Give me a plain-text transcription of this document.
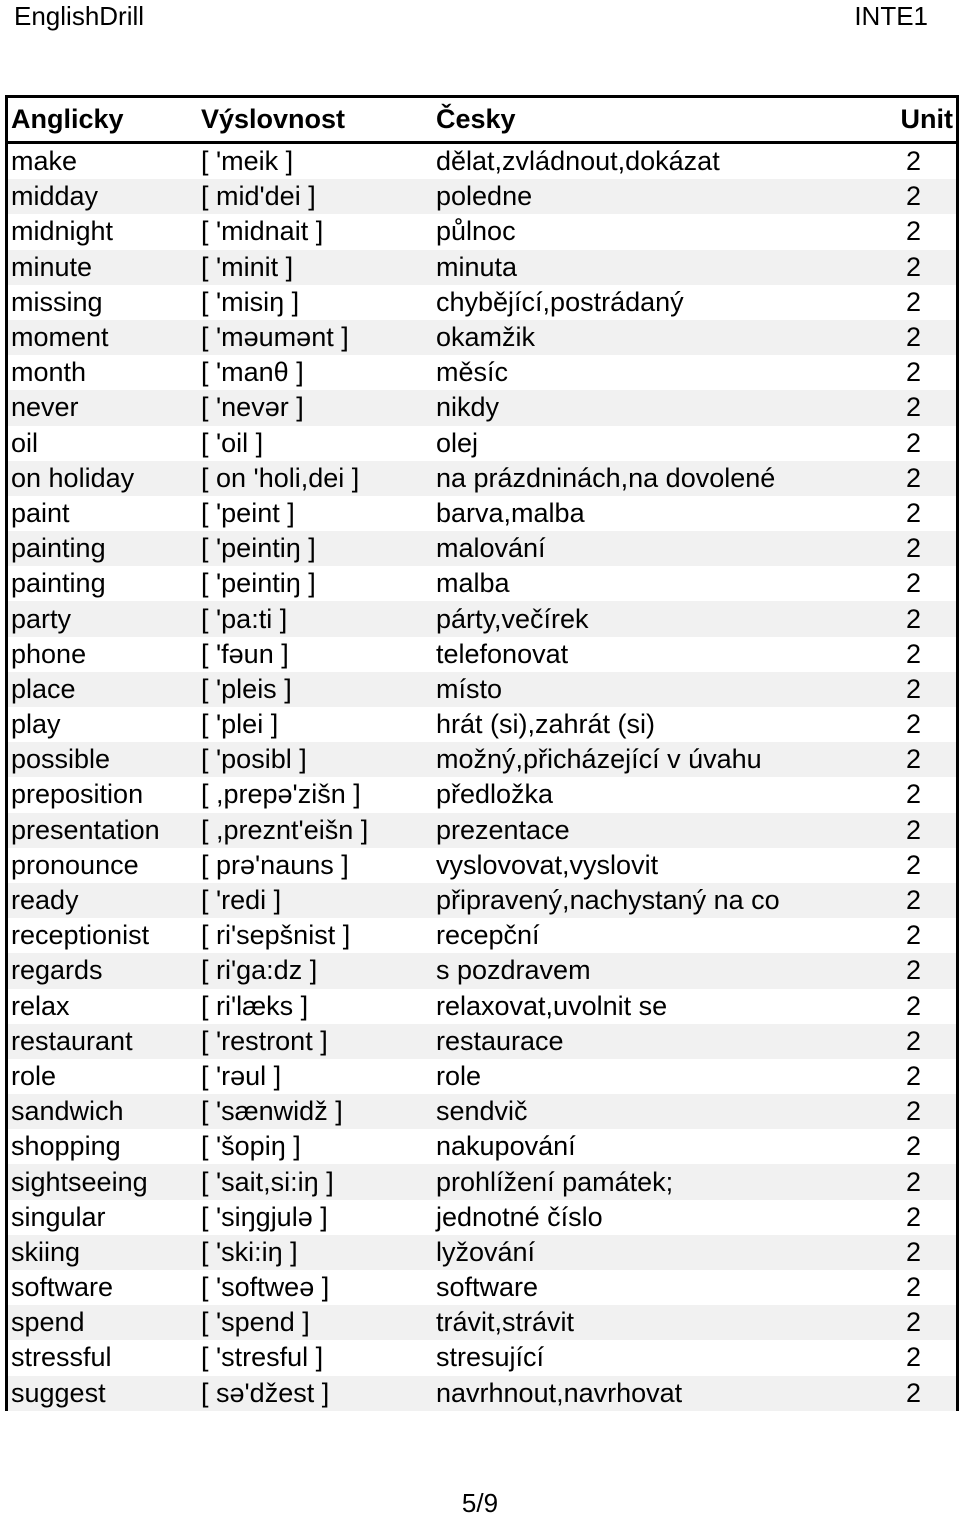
EnglishDrill	INTE1
Anglicky	Výslovnost	Česky	Unit
make	[ 'meik ]	dělat,zvládnout,dokázat	2
midday	[ mid'dei ]	poledne	2
midnight	[ 'midnait ]	půlnoc	2
minute	[ 'minit ]	minuta	2
missing	[ 'misiŋ ]	chybějící,postrádaný	2
moment	[ 'məumənt ]	okamžik	2
month	[ 'manθ ]	měsíc	2
never	[ 'nevər ]	nikdy	2
oil	[ 'oil ]	olej	2
on holiday	[ on 'holi,dei ]	na prázdninách,na dovolené	2
paint	[ 'peint ]	barva,malba	2
painting	[ 'peintiŋ ]	malování	2
painting	[ 'peintiŋ ]	malba	2
party	[ 'pa:ti ]	párty,večírek	2
phone	[ 'fəun ]	telefonovat	2
place	[ 'pleis ]	místo	2
play	[ 'plei ]	hrát (si),zahrát (si)	2
possible	[ 'posibl ]	možný,přicházející v úvahu	2
preposition	[ ,prepə'zišn ]	předložka	2
presentation	[ ,preznt'eišn ]	prezentace	2
pronounce	[ prə'nauns ]	vyslovovat,vyslovit	2
ready	[ 'redi ]	připravený,nachystaný na co	2
receptionist	[ ri'sepšnist ]	recepční	2
regards	[ ri'ga:dz ]	s pozdravem	2
relax	[ ri'læks ]	relaxovat,uvolnit se	2
restaurant	[ 'restront ]	restaurace	2
role	[ 'rəul ]	role	2
sandwich	[ 'sænwidž ]	sendvič	2
shopping	[ 'šopiŋ ]	nakupování	2
sightseeing	[ 'sait,si:iŋ ]	prohlížení památek;	2
singular	[ 'siŋgjulə ]	jednotné číslo	2
skiing	[ 'ski:iŋ ]	lyžování	2
software	[ 'softweə ]	software	2
spend	[ 'spend ]	trávit,strávit	2
stressful	[ 'stresful ]	stresující	2
suggest	[ sə'džest ]	navrhnout,navrhovat	2
5/9
